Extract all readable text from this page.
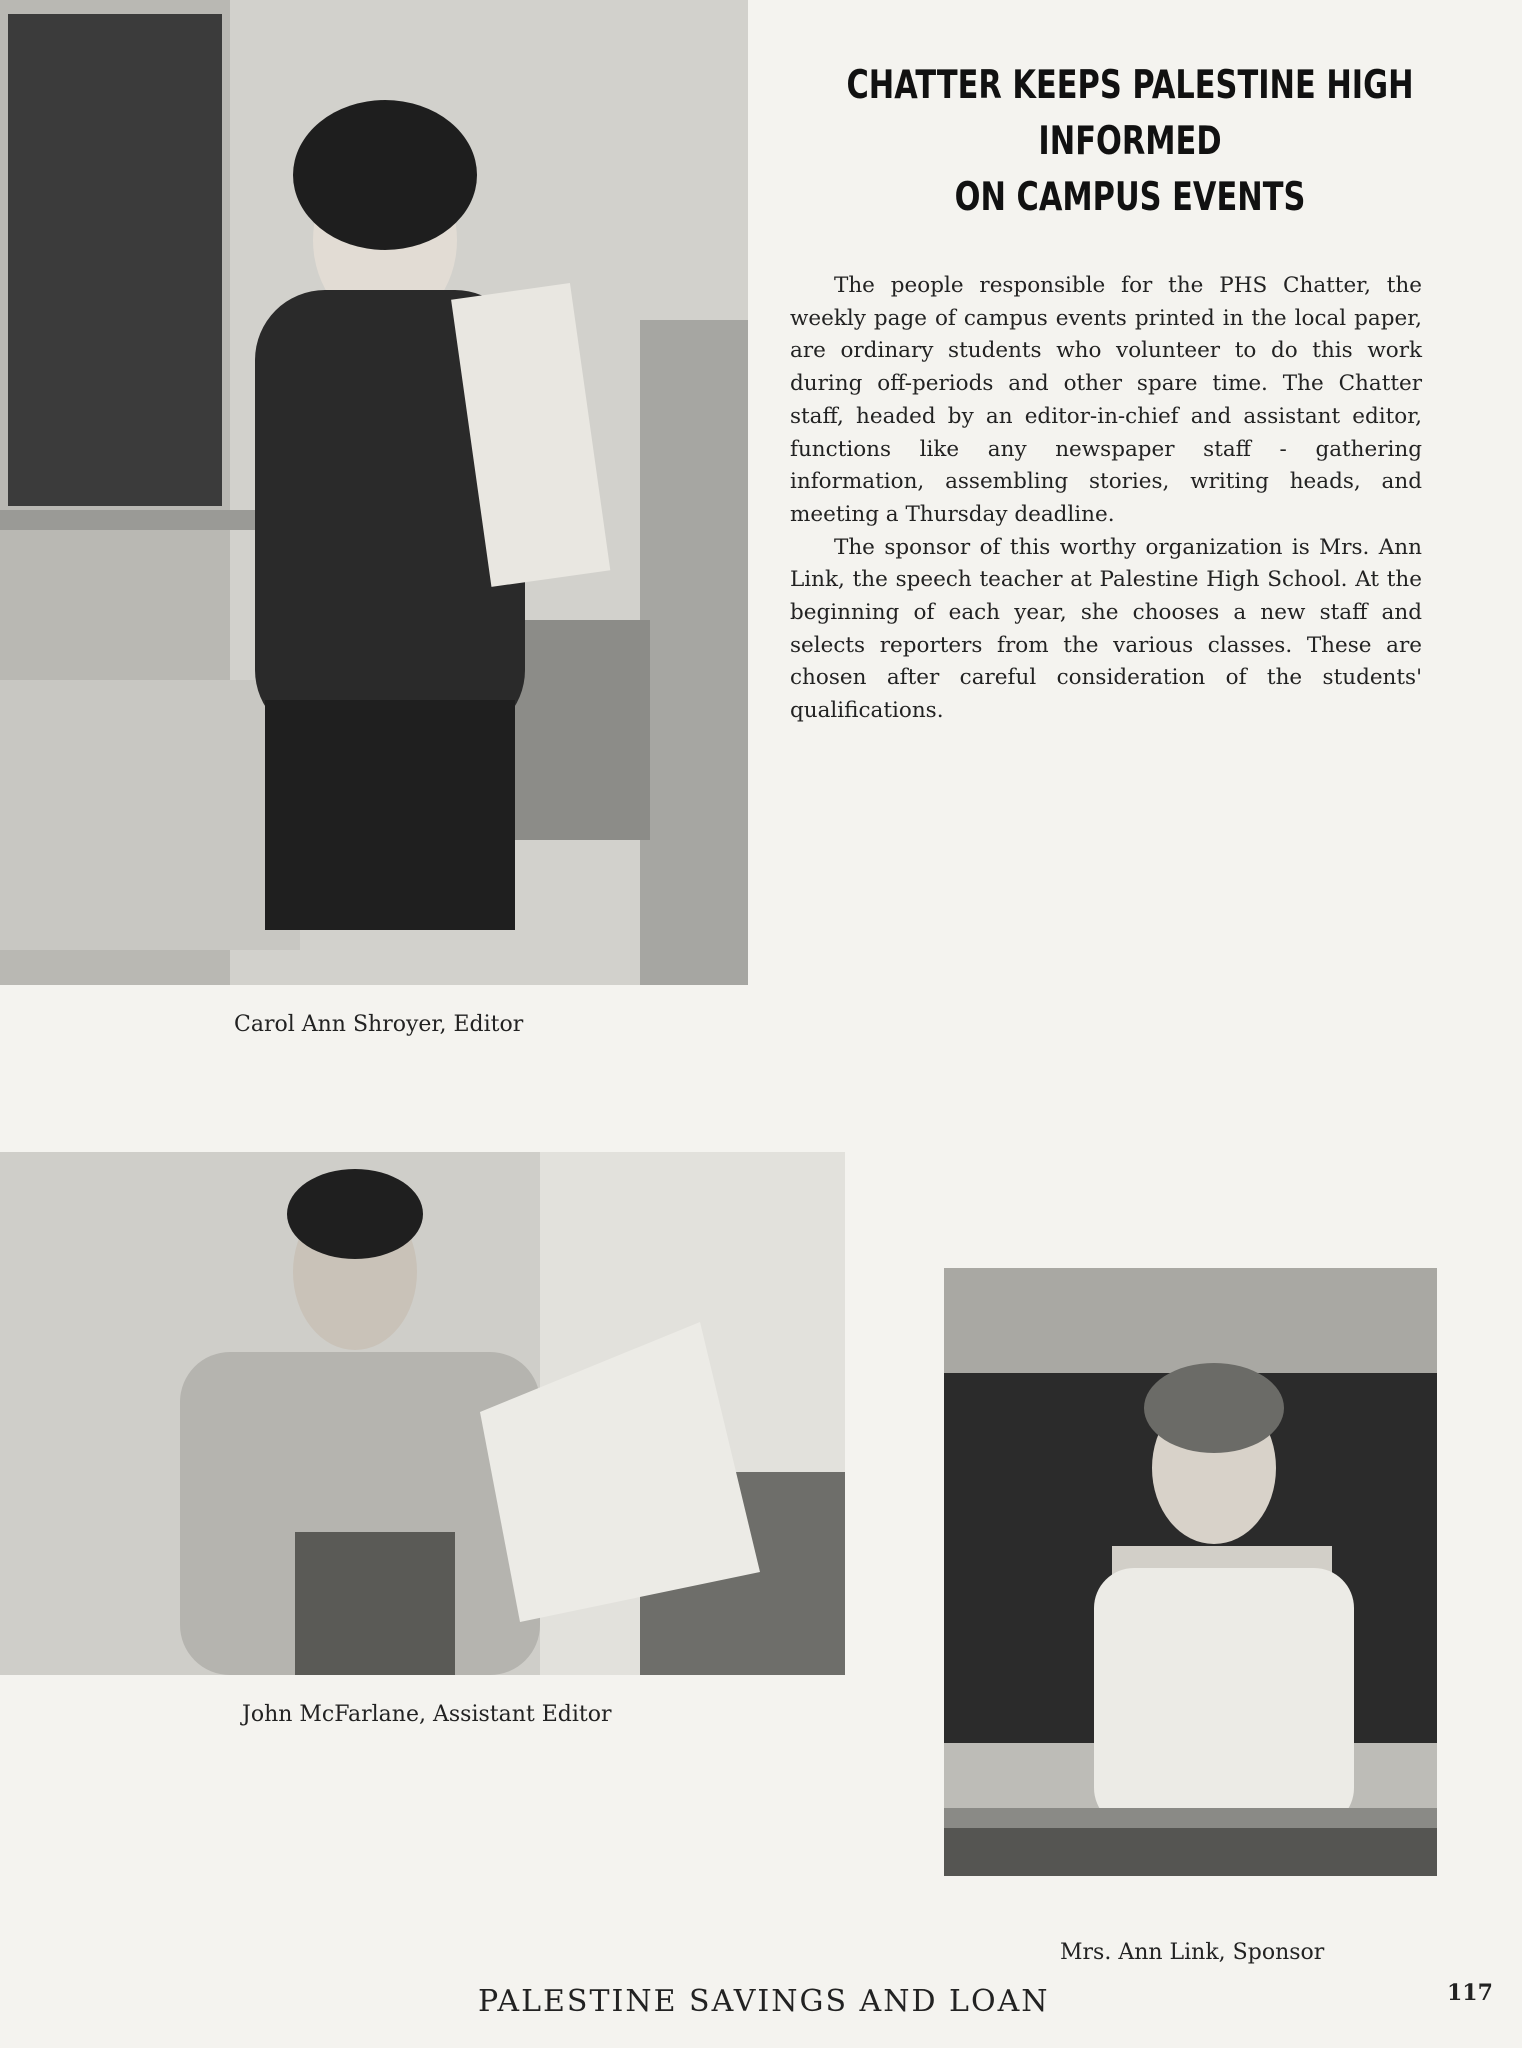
CHATTER KEEPS PALESTINE HIGH INFORMED
ON CAMPUS EVENTS

The people responsible for the PHS Chatter, the weekly page of campus events printed in the local paper, are ordinary students who volunteer to do this work during off-periods and other spare time. The Chatter staff, headed by an editor-in-chief and assistant editor, functions like any newspaper staff - gathering information, assembling stories, writing heads, and meeting a Thursday deadline.

The sponsor of this worthy organization is Mrs. Ann Link, the speech teacher at Palestine High School. At the beginning of each year, she chooses a new staff and selects reporters from the various classes. These are chosen after careful consideration of the students' qualifications.

Carol Ann Shroyer, Editor
John McFarlane, Assistant Editor
Mrs. Ann Link, Sponsor
PALESTINE SAVINGS AND LOAN	117
